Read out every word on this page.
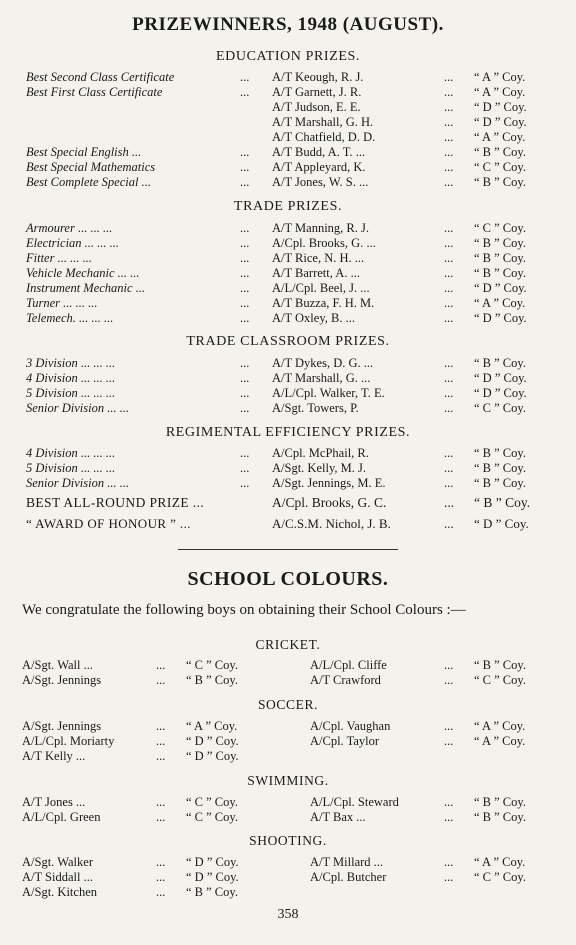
PRIZEWINNERS, 1948 (AUGUST).
EDUCATION PRIZES.
Best Second Class Certificate	... A/T Keough, R. J.	... “ A ” Coy.
Best First Class Certificate	... A/T Garnett, J. R.	... “ A ” Coy.
A/T Judson, E. E.	... “ D ” Coy.
A/T Marshall, G. H.	... “ D ” Coy.
A/T Chatfield, D. D.	... “ A ” Coy.
Best Special English ...	... A/T Budd, A. T. ...	... “ B ” Coy.
Best Special Mathematics	... A/T Appleyard, K.	... “ C ” Coy.
Best Complete Special ...	... A/T Jones, W. S. ...	... “ B ” Coy.
TRADE PRIZES.
Armourer ... ... ...	... A/T Manning, R. J.	... “ C ” Coy.
Electrician ... ... ...	... A/Cpl. Brooks, G. ...	... “ B ” Coy.
Fitter ... ... ...	... A/T Rice, N. H. ...	... “ B ” Coy.
Vehicle Mechanic ... ...	... A/T Barrett, A. ...	... “ B ” Coy.
Instrument Mechanic ...	... A/L/Cpl. Beel, J. ...	... “ D ” Coy.
Turner ... ... ...	... A/T Buzza, F. H. M.	... “ A ” Coy.
Telemech. ... ... ...	... A/T Oxley, B. ...	... “ D ” Coy.
TRADE CLASSROOM PRIZES.
3 Division ... ... ...	... A/T Dykes, D. G. ...	... “ B ” Coy.
4 Division ... ... ...	... A/T Marshall, G. ...	... “ D ” Coy.
5 Division ... ... ...	... A/L/Cpl. Walker, T. E.	... “ D ” Coy.
Senior Division ... ...	... A/Sgt. Towers, P.	... “ C ” Coy.
REGIMENTAL EFFICIENCY PRIZES.
4 Division ... ... ...	... A/Cpl. McPhail, R.	... “ B ” Coy.
5 Division ... ... ...	... A/Sgt. Kelly, M. J.	... “ B ” Coy.
Senior Division ... ...	... A/Sgt. Jennings, M. E.	... “ B ” Coy.
BEST ALL-ROUND PRIZE ...	A/Cpl. Brooks, G. C.	... “ B ” Coy.
“ AWARD OF HONOUR ” ...	A/C.S.M. Nichol, J. B.	... “ D ” Coy.
SCHOOL COLOURS.
We congratulate the following boys on obtaining their School Colours :—
CRICKET.
A/Sgt. Wall ...	... “ C ” Coy.	A/L/Cpl. Cliffe	... “ B ” Coy.
A/Sgt. Jennings	... “ B ” Coy.	A/T Crawford	... “ C ” Coy.
SOCCER.
A/Sgt. Jennings	... “ A ” Coy.	A/Cpl. Vaughan	... “ A ” Coy.
A/L/Cpl. Moriarty	... “ D ” Coy.	A/Cpl. Taylor	... “ A ” Coy.
A/T Kelly ...	... “ D ” Coy.
SWIMMING.
A/T Jones ...	... “ C ” Coy.	A/L/Cpl. Steward	... “ B ” Coy.
A/L/Cpl. Green	... “ C ” Coy.	A/T Bax ...	... “ B ” Coy.
SHOOTING.
A/Sgt. Walker	... “ D ” Coy.	A/T Millard ...	... “ A ” Coy.
A/T Siddall ...	... “ D ” Coy.	A/Cpl. Butcher	... “ C ” Coy.
A/Sgt. Kitchen	... “ B ” Coy.
358
